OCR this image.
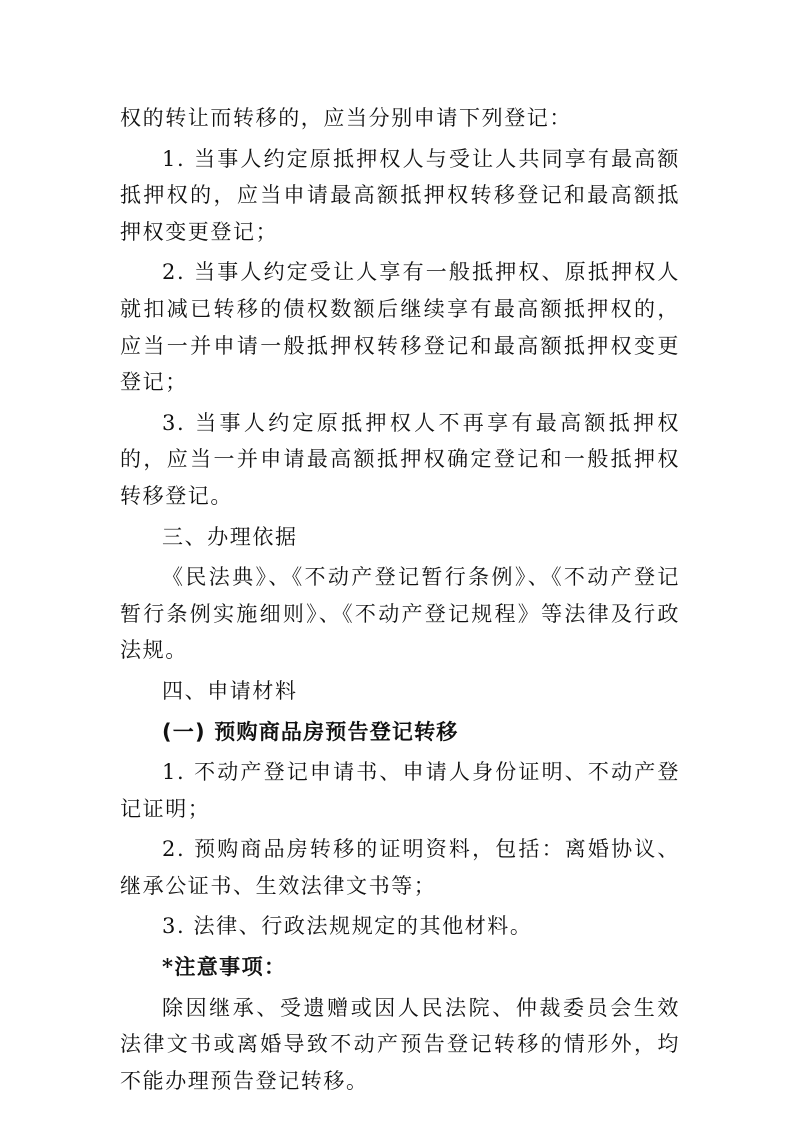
权的转让而转移的，应当分别申请下列登记：

1. 当事人约定原抵押权人与受让人共同享有最高额抵押权的，应当申请最高额抵押权转移登记和最高额抵押权变更登记；

2. 当事人约定受让人享有一般抵押权、原抵押权人就扣减已转移的债权数额后继续享有最高额抵押权的，应当一并申请一般抵押权转移登记和最高额抵押权变更登记；

3. 当事人约定原抵押权人不再享有最高额抵押权的，应当一并申请最高额抵押权确定登记和一般抵押权转移登记。

三、办理依据

《民法典》、《不动产登记暂行条例》、《不动产登记暂行条例实施细则》、《不动产登记规程》等法律及行政法规。

四、申请材料

(一) 预购商品房预告登记转移

1. 不动产登记申请书、申请人身份证明、不动产登记证明；

2. 预购商品房转移的证明资料，包括：离婚协议、继承公证书、生效法律文书等；

3. 法律、行政法规规定的其他材料。

*注意事项：

除因继承、受遗赠或因人民法院、仲裁委员会生效法律文书或离婚导致不动产预告登记转移的情形外，均不能办理预告登记转移。
